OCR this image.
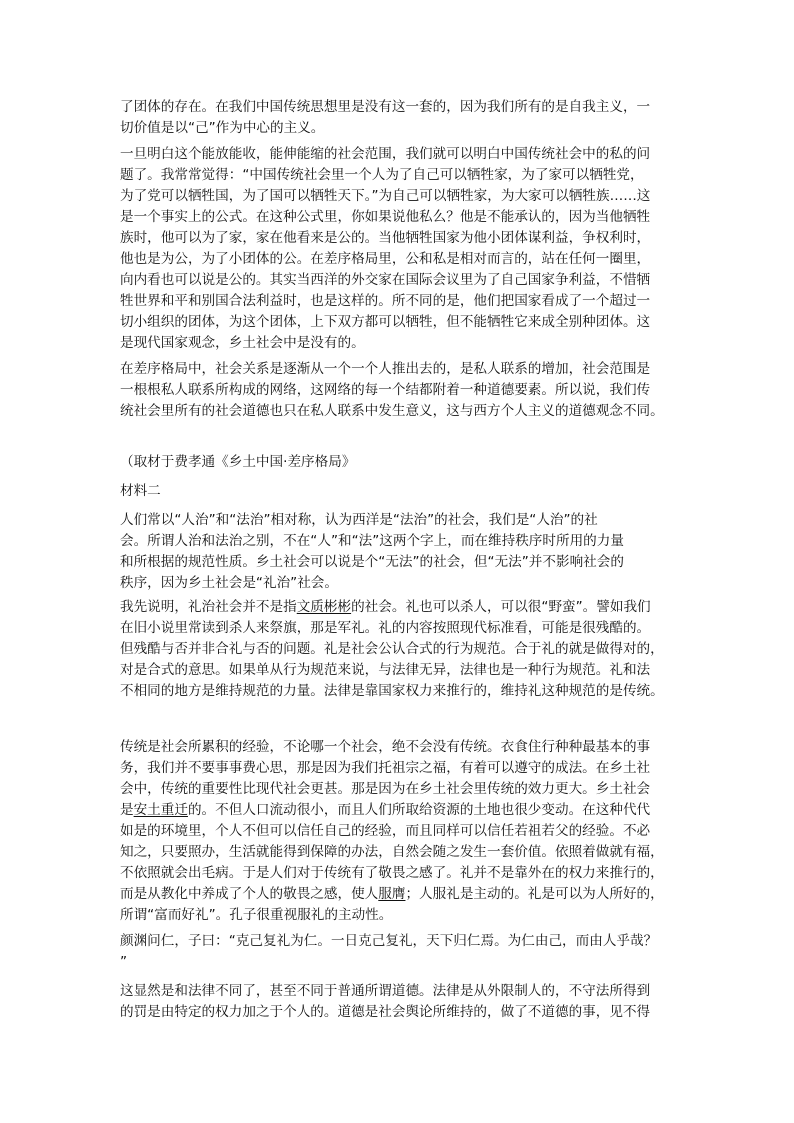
了团体的存在。在我们中国传统思想里是没有这一套的，因为我们所有的是自我主义，一
切价值是以“己”作为中心的主义。
一旦明白这个能放能收，能伸能缩的社会范围，我们就可以明白中国传统社会中的私的问
题了。我常常觉得：“中国传统社会里一个人为了自己可以牺牲家，为了家可以牺牲党，
为了党可以牺牲国，为了国可以牺牲天下。”为自己可以牺牲家，为大家可以牺牲族……这
是一个事实上的公式。在这种公式里，你如果说他私么？他是不能承认的，因为当他牺牲
族时，他可以为了家，家在他看来是公的。当他牺牲国家为他小团体谋利益，争权利时，
他也是为公，为了小团体的公。在差序格局里，公和私是相对而言的，站在任何一圈里，
向内看也可以说是公的。其实当西洋的外交家在国际会议里为了自己国家争利益，不惜牺
牲世界和平和别国合法利益时，也是这样的。所不同的是，他们把国家看成了一个超过一
切小组织的团体，为这个团体，上下双方都可以牺牲，但不能牺牲它来成全别种团体。这
是现代国家观念，乡土社会中是没有的。
在差序格局中，社会关系是逐渐从一个一个人推出去的，是私人联系的增加，社会范围是
一根根私人联系所构成的网络，这网络的每一个结都附着一种道德要素。所以说，我们传
统社会里所有的社会道德也只在私人联系中发生意义，这与西方个人主义的道德观念不同。
（取材于费孝通《乡土中国·差序格局》
材料二
人们常以“人治”和“法治”相对称，认为西洋是“法治”的社会，我们是“人治”的社
会。所谓人治和法治之别，不在“人”和“法”这两个字上，而在维持秩序时所用的力量
和所根据的规范性质。乡土社会可以说是个“无法”的社会，但“无法”并不影响社会的
秩序，因为乡土社会是“礼治”社会。
我先说明，礼治社会并不是指文质彬彬的社会。礼也可以杀人，可以很“野蛮”。譬如我们
在旧小说里常读到杀人来祭旗，那是军礼。礼的内容按照现代标准看，可能是很残酷的。
但残酷与否并非合礼与否的问题。礼是社会公认合式的行为规范。合于礼的就是做得对的，
对是合式的意思。如果单从行为规范来说，与法律无异，法律也是一种行为规范。礼和法
不相同的地方是维持规范的力量。法律是靠国家权力来推行的，维持礼这种规范的是传统。
传统是社会所累积的经验，不论哪一个社会，绝不会没有传统。衣食住行种种最基本的事
务，我们并不要事事费心思，那是因为我们托祖宗之福，有着可以遵守的成法。在乡土社
会中，传统的重要性比现代社会更甚。那是因为在乡土社会里传统的效力更大。乡土社会
是安土重迁的。不但人口流动很小，而且人们所取给资源的土地也很少变动。在这种代代
如是的环境里，个人不但可以信任自己的经验，而且同样可以信任若祖若父的经验。不必
知之，只要照办，生活就能得到保障的办法，自然会随之发生一套价值。依照着做就有福，
不依照就会出毛病。于是人们对于传统有了敬畏之感了。礼并不是靠外在的权力来推行的，
而是从教化中养成了个人的敬畏之感，使人服膺；人服礼是主动的。礼是可以为人所好的，
所谓“富而好礼”。孔子很重视服礼的主动性。
颜渊问仁，子曰：“克己复礼为仁。一日克己复礼，天下归仁焉。为仁由己，而由人乎哉？
”
这显然是和法律不同了，甚至不同于普通所谓道德。法律是从外限制人的，不守法所得到
的罚是由特定的权力加之于个人的。道德是社会舆论所维持的，做了不道德的事，见不得
